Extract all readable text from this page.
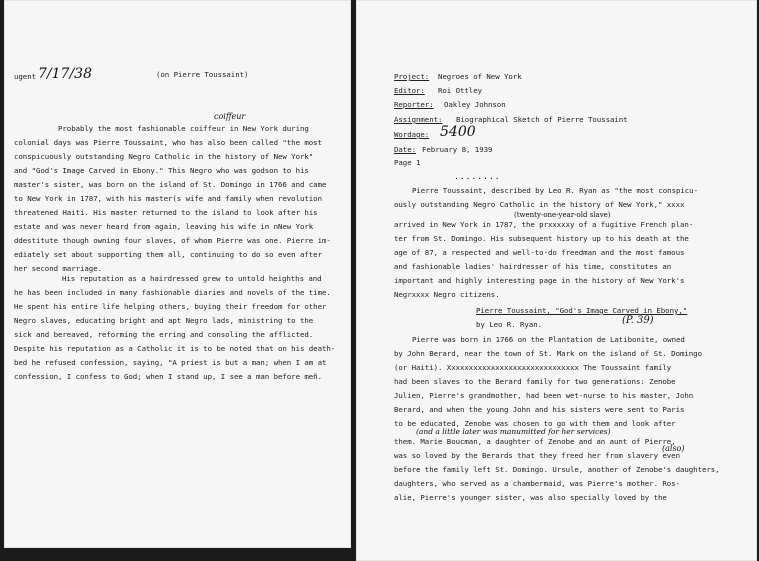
ugent 7/17/38	(on Pierre Toussaint)
coiffeur
Probably the most fashionable coiffeur in New York during
colonial days was Pierre Toussaint, who has also been called "the most
conspicuously outstanding Negro Catholic in the history of New York"
and "God's Image Carved in Ebony." This Negro who was godson to his
master's sister, was born on the island of St. Domingo in 1766 and came
to New York in 1787, with his master(s wife and family when revolution
threatened Haiti. His master returned to the island to look after his
estate and was never heard from again, leaving his wife in nNew York
ddestitute though owning four slaves, of whom Pierre was one. Pierre im-
ediately set about supporting them all, continuing to do so even after
her second marriage.
His reputation as a hairdressed grew to untold heighths and
he has been included in many fashionable diaries and novels of the time.
He spent his entire life helping others, buying their freedom for other
Negro slaves, educating bright and apt Negro lads, ministring to the
sick and bereaved, reforming the erring and consoling the afflicted.
Despite his reputation as a Catholic it is to be noted that on his death-
bed he refused confession, saying, "A priest is but a man; when I am at
confession, I confess to God; when I stand up, I see a man before meñ.
Project: Negroes of New York
Editor: Roi Ottley
Reporter: Oakley Johnson
Assignment: Biographical Sketch of Pierre Toussaint
Wordage: 5400
Date: February 8, 1939
Page 1
........
(twenty-one-year-old slave)
Pierre Toussaint, described by Leo R. Ryan as "the most conspicu-
ously outstanding Negro Catholic in the history of New York," xxxx
arrived in New York in 1787, the prxxxxxy of a fugitive French plan-
ter from St. Domingo. His subsequent history up to his death at the
age of 87, a respected and well-to-do freedman and the most famous
and fashionable ladies' hairdresser of his time, constitutes an
important and highly interesting page in the history of New York's
Negrxxxx Negro citizens.
Pierre Toussaint, "God's Image Carved in Ebony,"
by Leo R. Ryan.	(P. 39)
Pierre was born in 1766 on the Plantation de Latibonite, owned
by John Berard, near the town of St. Mark on the island of St. Domingo
(or Haiti). Xxxxxxxxxxxxxxxxxxxxxxxxxxxxxx The Toussaint family
had been slaves to the Berard family for two generations: Zenobe
Julien, Pierre's grandmother, had been wet-nurse to his master, John
Berard, and when the young John and his sisters were sent to Paris
to be educated, Zenobe was chosen to go with them and look after
(and a little later was manumitted for her services)
them. Marie Boucman, a daughter of Zenobe and an aunt of Pierre,
(also)
was so loved by the Berards that they freed her from slavery even
before the family left St. Domingo. Ursule, another of Zenobe's daughters,
daughters, who served as a chambermaid, was Pierre's mother. Ros-
alie, Pierre's younger sister, was also specially loved by the
